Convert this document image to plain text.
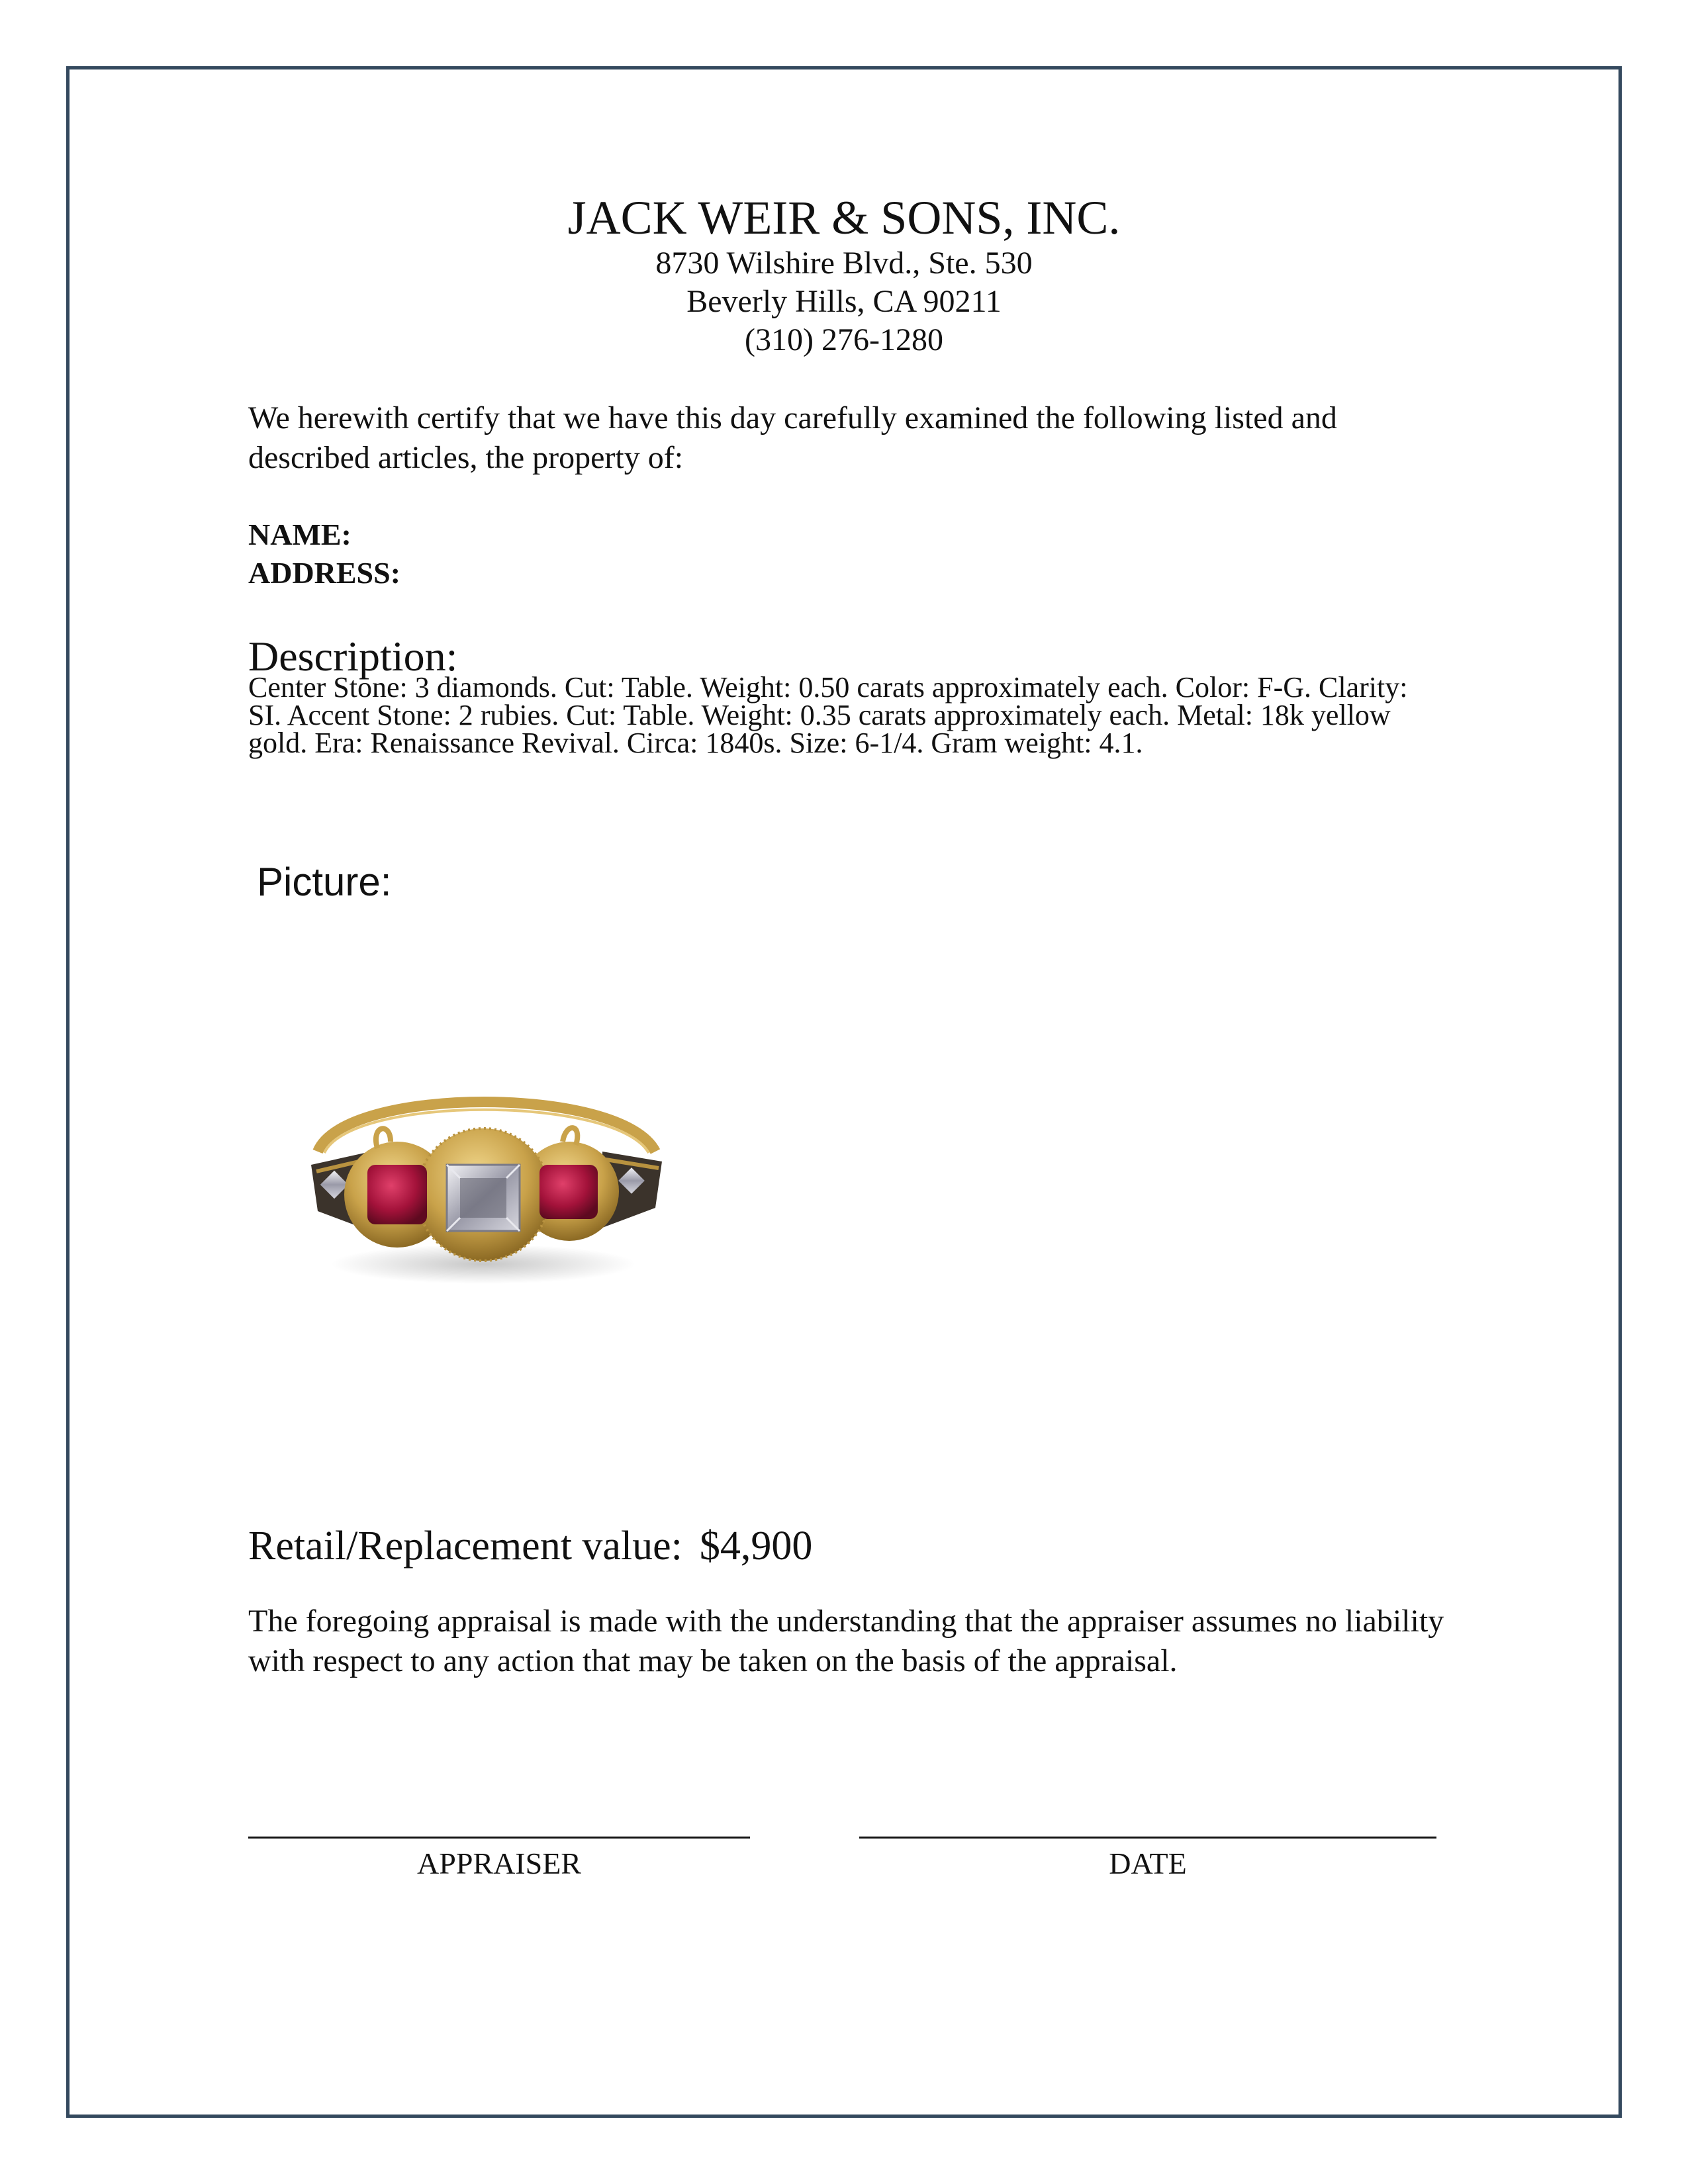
JACK WEIR & SONS, INC.
8730 Wilshire Blvd., Ste. 530
Beverly Hills, CA 90211
(310) 276-1280
We herewith certify that we have this day carefully examined the following listed and described articles, the property of:
NAME:
ADDRESS:
Description:
Center Stone: 3 diamonds. Cut: Table. Weight: 0.50 carats approximately each. Color: F-G. Clarity: SI. Accent Stone: 2 rubies. Cut: Table. Weight: 0.35 carats approximately each. Metal: 18k yellow gold. Era: Renaissance Revival. Circa: 1840s. Size: 6-1/4. Gram weight: 4.1.
Picture:
Retail/Replacement value: $4,900
The foregoing appraisal is made with the understanding that the appraiser assumes no liability with respect to any action that may be taken on the basis of the appraisal.
APPRAISER	DATE
